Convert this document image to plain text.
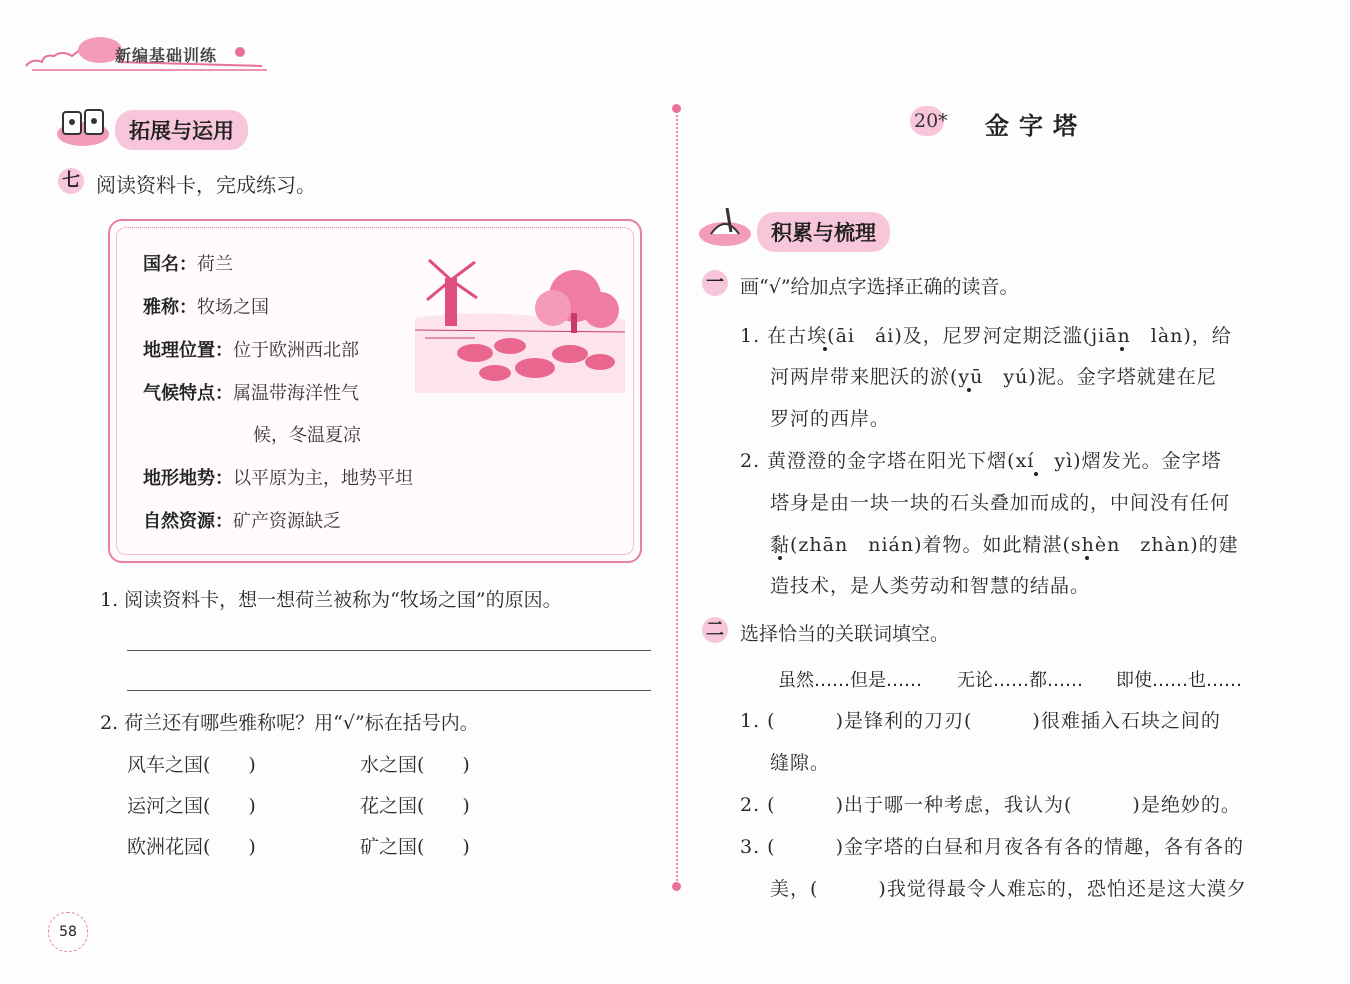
新编基础训练
拓展与运用
七 阅读资料卡，完成练习。
国名：荷兰
雅称：牧场之国
地理位置：位于欧洲西北部
气候特点：属温带海洋性气
候，冬温夏凉
地形地势：以平原为主，地势平坦
自然资源：矿产资源缺乏
1. 阅读资料卡，想一想荷兰被称为“牧场之国”的原因。
2. 荷兰还有哪些雅称呢？用“√”标在括号内。
风车之国(　　)	水之国(　　)
运河之国(　　)	花之国(　　)
欧洲花园(　　)	矿之国(　　)
58
20* 金字塔
积累与梳理
一 画“√”给加点字选择正确的读音。
1. 在古埃(āi　ái)及，尼罗河定期泛滥(jiān　làn)，给
河两岸带来肥沃的淤(yū　yú)泥。金字塔就建在尼
罗河的西岸。
2. 黄澄澄的金字塔在阳光下熠(xí　yì)熠发光。金字塔
塔身是由一块一块的石头叠加而成的，中间没有任何
黏(zhān　nián)着物。如此精湛(shèn　zhàn)的建
造技术，是人类劳动和智慧的结晶。
二 选择恰当的关联词填空。
虽然……但是…… 无论……都…… 即使……也……
1. (　　　)是锋利的刀刃(　　　)很难插入石块之间的
缝隙。
2. (　　　)出于哪一种考虑，我认为(　　　)是绝妙的。
3. (　　　)金字塔的白昼和月夜各有各的情趣，各有各的
美，(　　　)我觉得最令人难忘的，恐怕还是这大漠夕
